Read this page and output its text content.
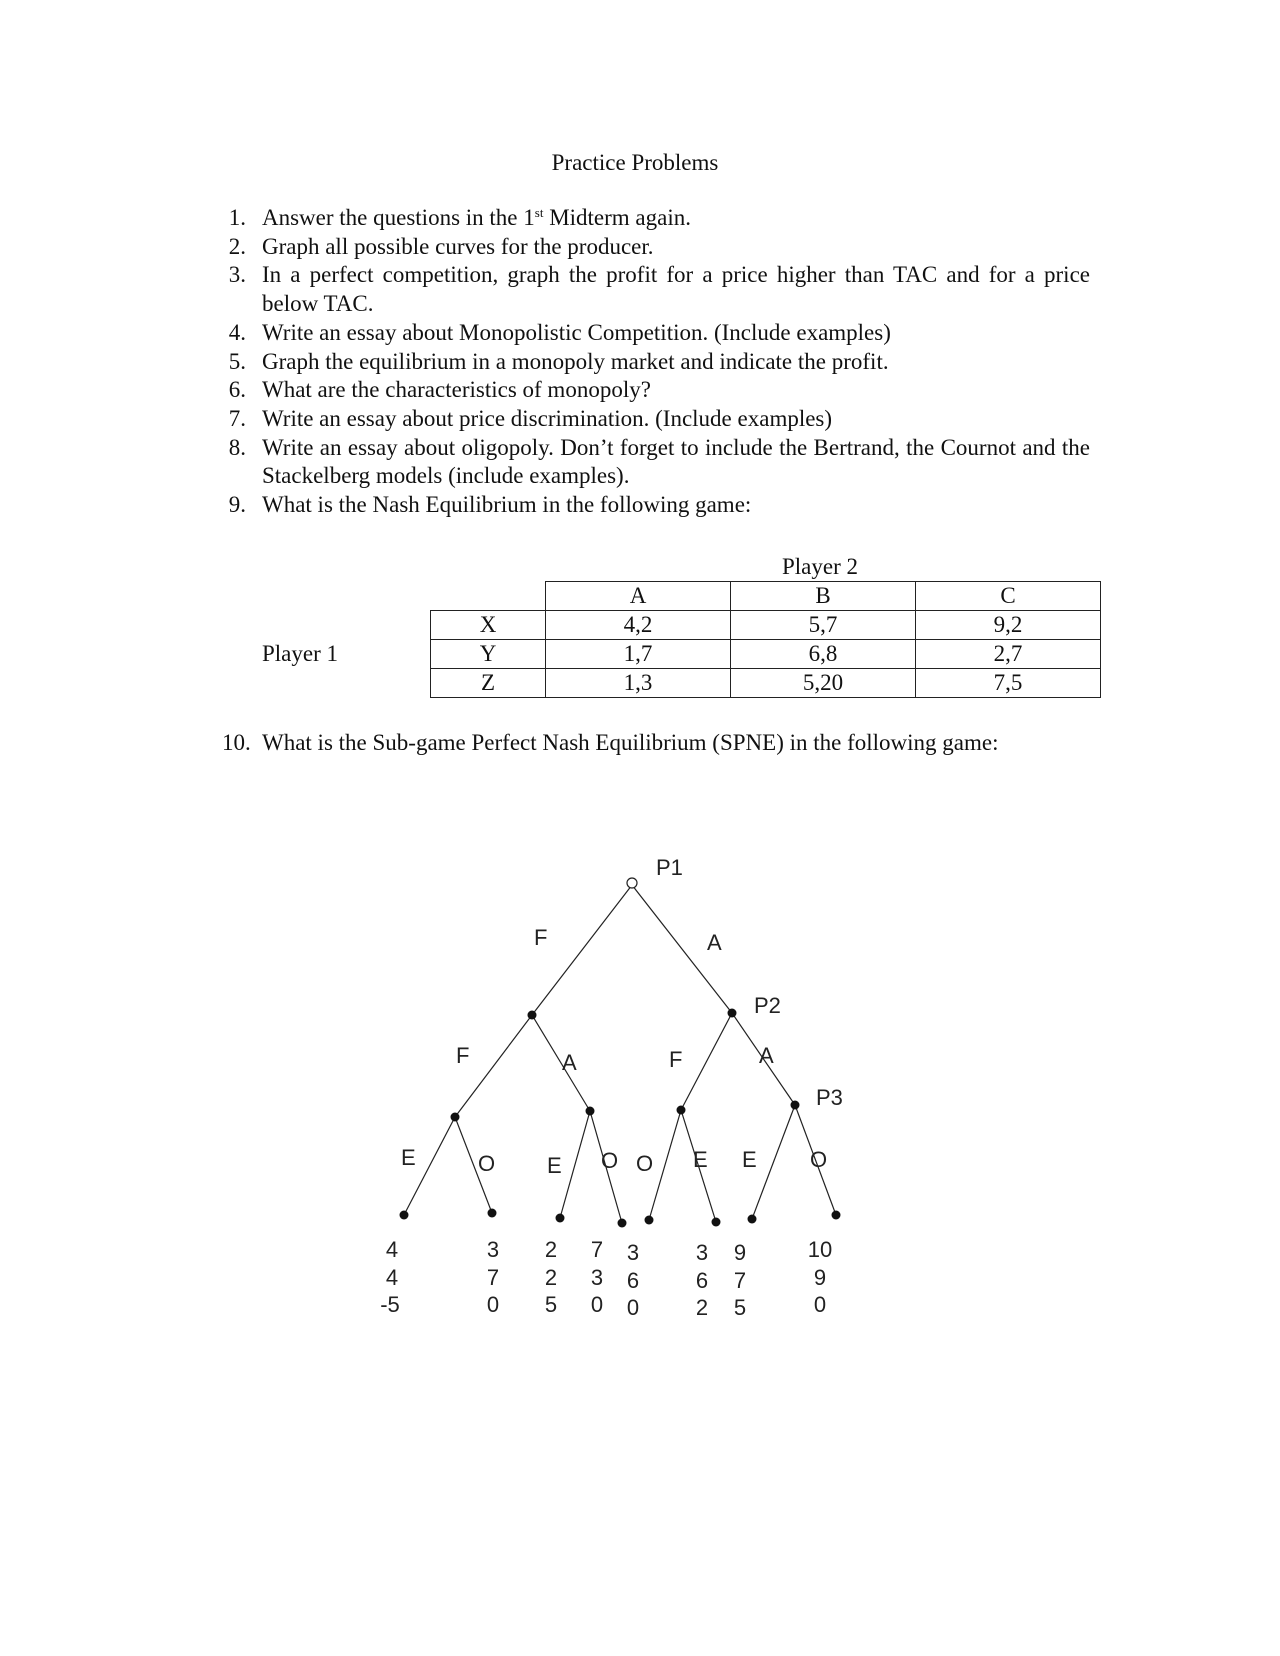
Practice Problems
1. Answer the questions in the 1st Midterm again.
2. Graph all possible curves for the producer.
3. In a perfect competition, graph the profit for a price higher than TAC and for a price below TAC.
4. Write an essay about Monopolistic Competition. (Include examples)
5. Graph the equilibrium in a monopoly market and indicate the profit.
6. What are the characteristics of monopoly?
7. Write an essay about price discrimination. (Include examples)
8. Write an essay about oligopoly. Don’t forget to include the Bertrand, the Cournot and the Stackelberg models (include examples).
9. What is the Nash Equilibrium in the following game:
Player 2
Player 1
	A	B	C
X	4,2	5,7	9,2
Y	1,7	6,8	2,7
Z	1,3	5,20	7,5
10. What is the Sub-game Perfect Nash Equilibrium (SPNE) in the following game:
P1
P2
P3
F	A
F	A	F	A
E	O E O O E E O
4
4
-5
3
7
0
2
2
5
7
3
0
3
6
0
3
6
2
9
7
5
10
9
0
